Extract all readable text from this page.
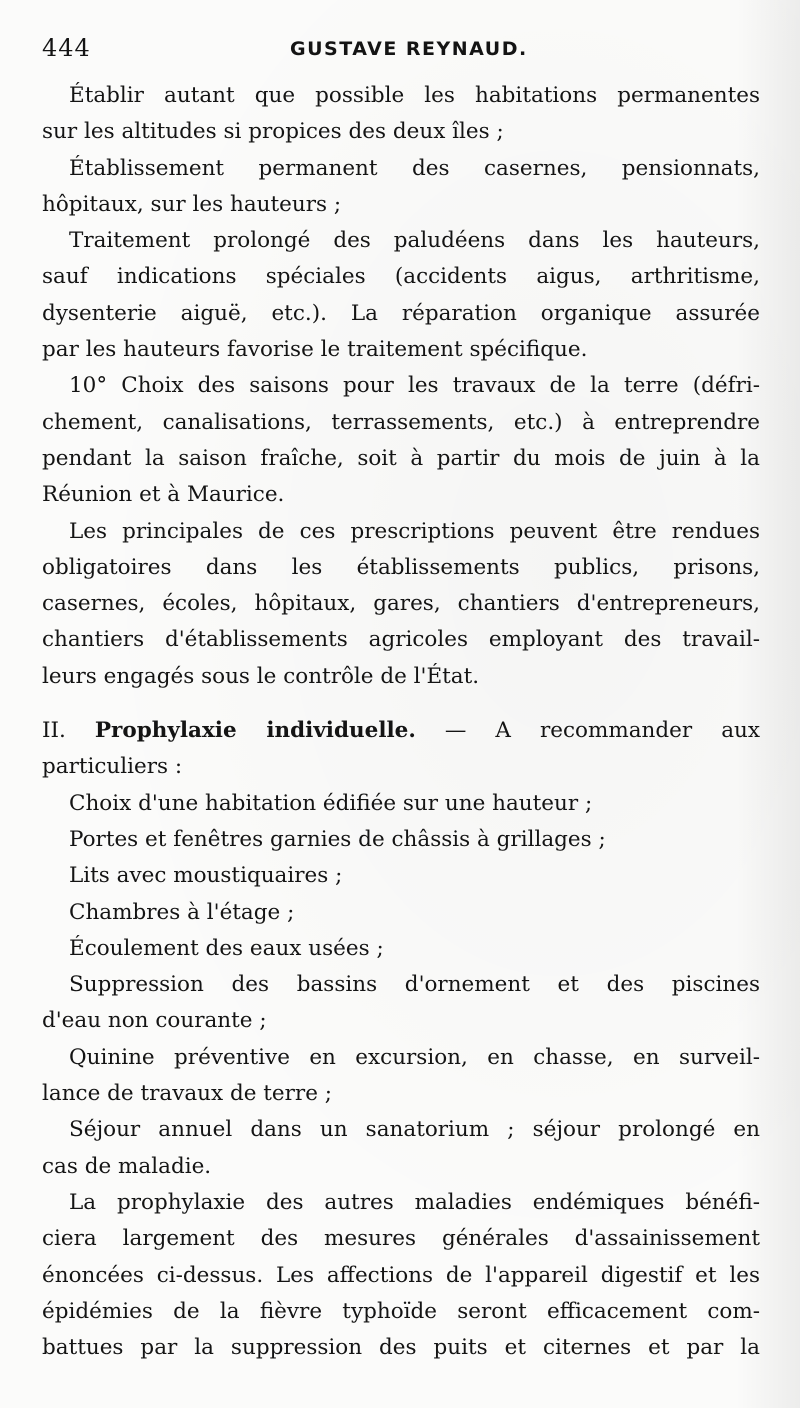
444	GUSTAVE REYNAUD.
Établir autant que possible les habitations permanentes
sur les altitudes si propices des deux îles ;
Établissement permanent des casernes, pensionnats,
hôpitaux, sur les hauteurs ;
Traitement prolongé des paludéens dans les hauteurs,
sauf indications spéciales (accidents aigus, arthritisme,
dysenterie aiguë, etc.). La réparation organique assurée
par les hauteurs favorise le traitement spécifique.
10° Choix des saisons pour les travaux de la terre (défri-
chement, canalisations, terrassements, etc.) à entreprendre
pendant la saison fraîche, soit à partir du mois de juin à la
Réunion et à Maurice.
Les principales de ces prescriptions peuvent être rendues
obligatoires dans les établissements publics, prisons,
casernes, écoles, hôpitaux, gares, chantiers d'entrepreneurs,
chantiers d'établissements agricoles employant des travail-
leurs engagés sous le contrôle de l'État.
II. Prophylaxie individuelle. — A recommander aux
particuliers :
Choix d'une habitation édifiée sur une hauteur ;
Portes et fenêtres garnies de châssis à grillages ;
Lits avec moustiquaires ;
Chambres à l'étage ;
Écoulement des eaux usées ;
Suppression des bassins d'ornement et des piscines
d'eau non courante ;
Quinine préventive en excursion, en chasse, en surveil-
lance de travaux de terre ;
Séjour annuel dans un sanatorium ; séjour prolongé en
cas de maladie.
La prophylaxie des autres maladies endémiques bénéfi-
ciera largement des mesures générales d'assainissement
énoncées ci-dessus. Les affections de l'appareil digestif et les
épidémies de la fièvre typhoïde seront efficacement com-
battues par la suppression des puits et citernes et par la
